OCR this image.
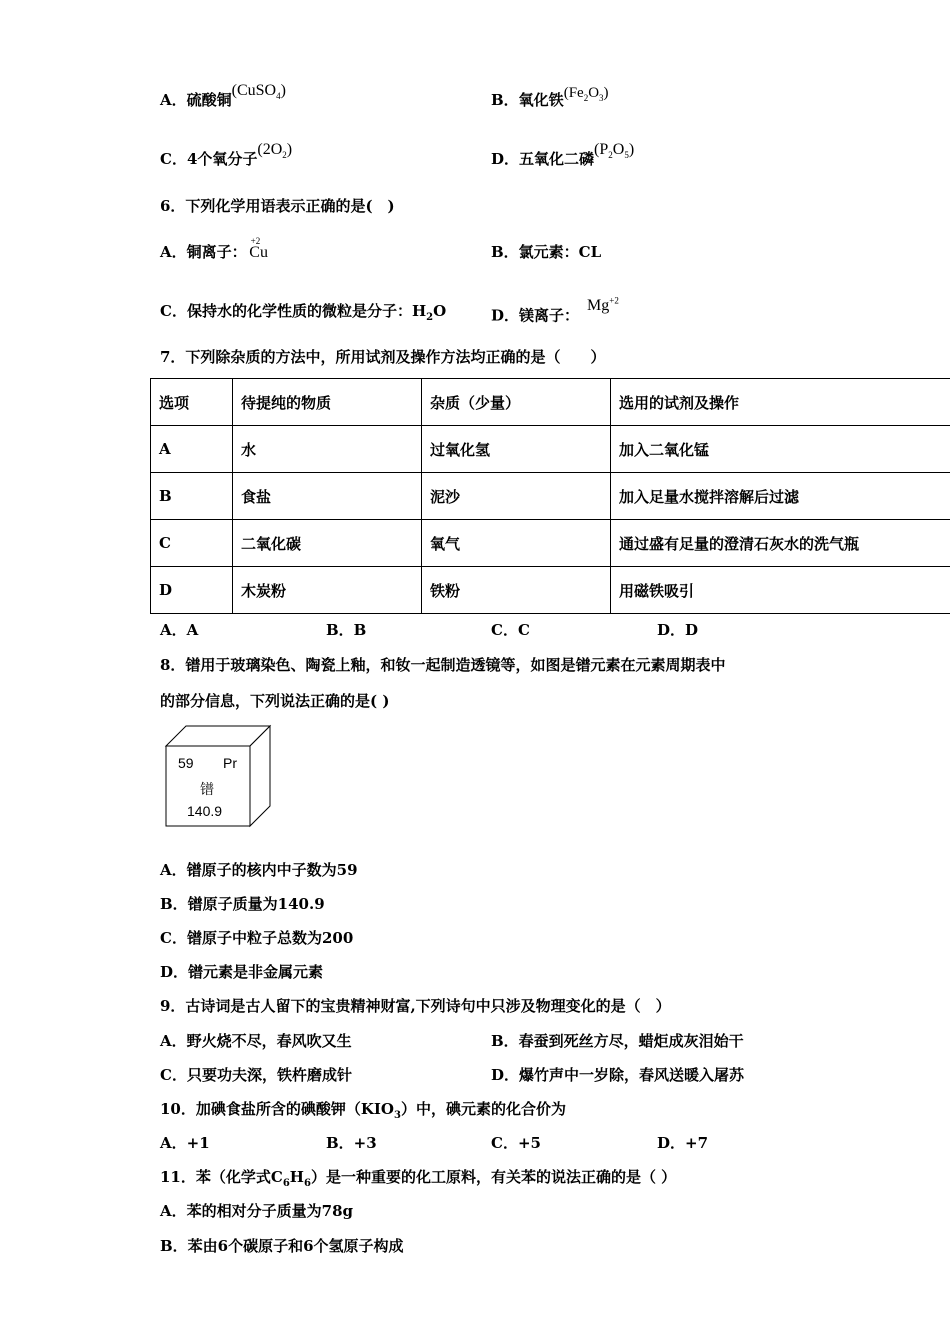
A．硫酸铜(CuSO$_4$)
B．氧化铁$(Fe_2O_3)$
C．4个氧分子$(2O_2)$
D．五氧化二磷$(P_2O_5)$
6．下列化学用语表示正确的是(　)
A．铜离子：
+2
Cu	B．氯元素：CL
C．保持水的化学性质的微粒是分子：$H_2O$	D．镁离子：$Mg^{+2}$
7．下列除杂质的方法中，所用试剂及操作方法均正确的是（　　）
选项	待提纯的物质	杂质（少量）	选用的试剂及操作
A	水	过氧化氢	加入二氧化锰
B	食盐	泥沙	加入足量水搅拌溶解后过滤
C	二氧化碳	氧气	通过盛有足量的澄清石灰水的洗气瓶
D	木炭粉	铁粉	用磁铁吸引
A．A	B．B	C．C	D．D
8．镨用于玻璃染色、陶瓷上釉，和钕一起制造透镜等，如图是镨元素在元素周期表中
的部分信息，下列说法正确的是( )
59 Pr
镨
140.9
A．镨原子的核内中子数为59
B．镨原子质量为140.9
C．镨原子中粒子总数为200
D．镨元素是非金属元素
9．古诗词是古人留下的宝贵精神财富,下列诗句中只涉及物理变化的是（　）
A．野火烧不尽，春风吹又生	B．春蚕到死丝方尽，蜡炬成灰泪始干
C．只要功夫深，铁杵磨成针	D．爆竹声中一岁除，春风送暖入屠苏
10．加碘食盐所含的碘酸钾$(KIO_3)$中，碘元素的化合价为
A．+1	B．+3	C．+5	D．+7
11．苯（化学式$C_6H_6$）是一种重要的化工原料，有关苯的说法正确的是（ ）
A．苯的相对分子质量为78g
B．苯由6个碳原子和6个氢原子构成
